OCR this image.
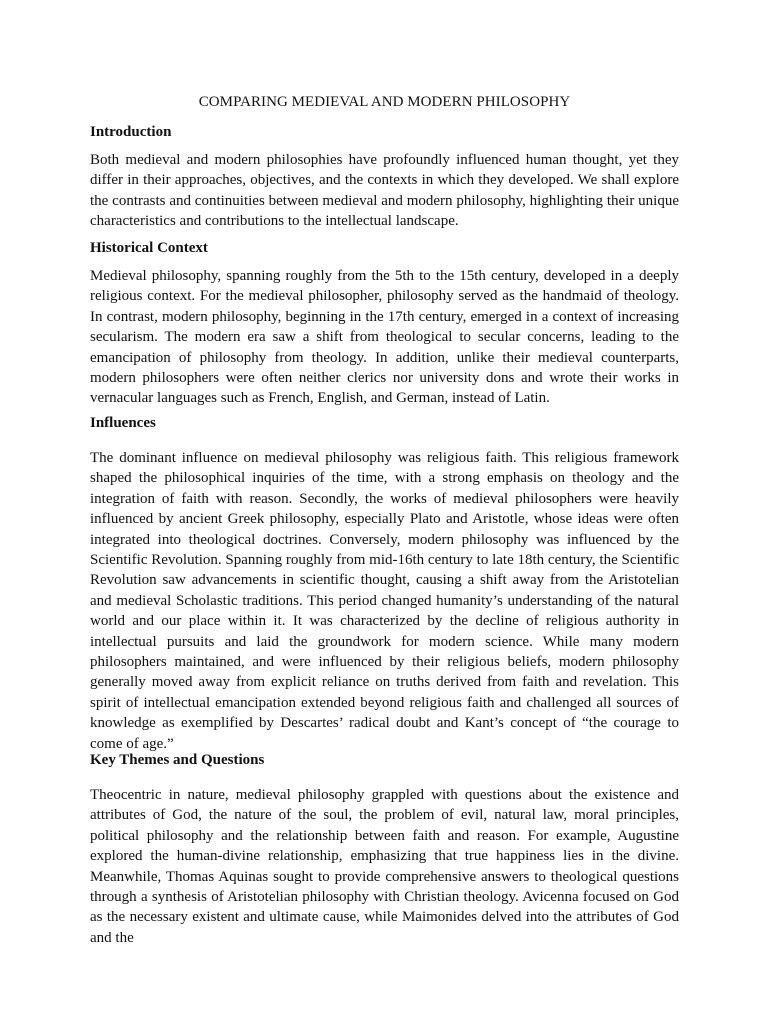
COMPARING MEDIEVAL AND MODERN PHILOSOPHY
Introduction

Both medieval and modern philosophies have profoundly influenced human thought, yet they differ in their approaches, objectives, and the contexts in which they developed. We shall explore the contrasts and continuities between medieval and modern philosophy, highlighting their unique characteristics and contributions to the intellectual landscape.

Historical Context

Medieval philosophy, spanning roughly from the 5th to the 15th century, developed in a deeply religious context. For the medieval philosopher, philosophy served as the handmaid of theology. In contrast, modern philosophy, beginning in the 17th century, emerged in a context of increasing secularism. The modern era saw a shift from theological to secular concerns, leading to the emancipation of philosophy from theology. In addition, unlike their medieval counterparts, modern philosophers were often neither clerics nor university dons and wrote their works in vernacular languages such as French, English, and German, instead of Latin.

Influences

The dominant influence on medieval philosophy was religious faith. This religious framework shaped the philosophical inquiries of the time, with a strong emphasis on theology and the integration of faith with reason. Secondly, the works of medieval philosophers were heavily influenced by ancient Greek philosophy, especially Plato and Aristotle, whose ideas were often integrated into theological doctrines. Conversely, modern philosophy was influenced by the Scientific Revolution. Spanning roughly from mid-16th century to late 18th century, the Scientific Revolution saw advancements in scientific thought, causing a shift away from the Aristotelian and medieval Scholastic traditions. This period changed humanity’s understanding of the natural world and our place within it. It was characterized by the decline of religious authority in intellectual pursuits and laid the groundwork for modern science. While many modern philosophers maintained, and were influenced by their religious beliefs, modern philosophy generally moved away from explicit reliance on truths derived from faith and revelation. This spirit of intellectual emancipation extended beyond religious faith and challenged all sources of knowledge as exemplified by Descartes’ radical doubt and Kant’s concept of “the courage to come of age.”

Key Themes and Questions

Theocentric in nature, medieval philosophy grappled with questions about the existence and attributes of God, the nature of the soul, the problem of evil, natural law, moral principles, political philosophy and the relationship between faith and reason. For example, Augustine explored the human-divine relationship, emphasizing that true happiness lies in the divine. Meanwhile, Thomas Aquinas sought to provide comprehensive answers to theological questions through a synthesis of Aristotelian philosophy with Christian theology. Avicenna focused on God as the necessary existent and ultimate cause, while Maimonides delved into the attributes of God and the
